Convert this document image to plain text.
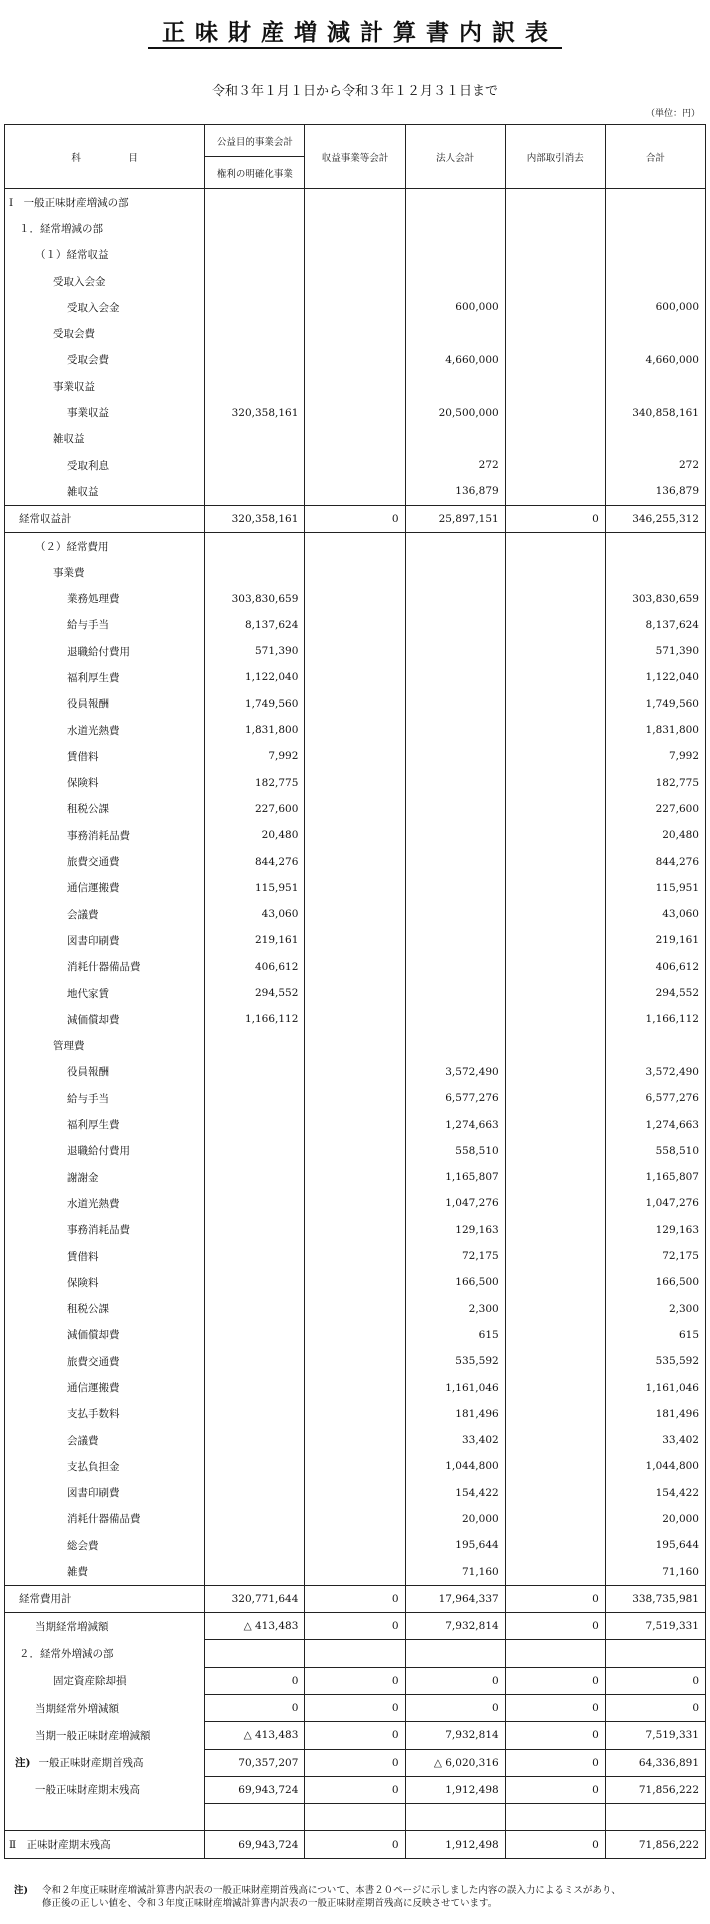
正味財産増減計算書内訳表
令和３年１月１日から令和３年１２月３１日まで
（単位：円）
科　　　　　目	公益目的事業会計	収益事業等会計	法人会計	内部取引消去	合計
	権利の明確化事業				
Ⅰ　一般正味財産増減の部					
１．経常増減の部					
（１）経常収益					
受取入会金					
受取入会金			600,000		600,000
受取会費					
受取会費			4,660,000		4,660,000
事業収益					
事業収益	320,358,161		20,500,000		340,858,161
雑収益					
受取利息			272		272
雑収益			136,879		136,879
経常収益計	320,358,161	0	25,897,151	0	346,255,312
（２）経常費用					
事業費					
業務処理費	303,830,659				303,830,659
給与手当	8,137,624				8,137,624
退職給付費用	571,390				571,390
福利厚生費	1,122,040				1,122,040
役員報酬	1,749,560				1,749,560
水道光熱費	1,831,800				1,831,800
賃借料	7,992				7,992
保険料	182,775				182,775
租税公課	227,600				227,600
事務消耗品費	20,480				20,480
旅費交通費	844,276				844,276
通信運搬費	115,951				115,951
会議費	43,060				43,060
図書印刷費	219,161				219,161
消耗什器備品費	406,612				406,612
地代家賃	294,552				294,552
減価償却費	1,166,112				1,166,112
管理費					
役員報酬			3,572,490		3,572,490
給与手当			6,577,276		6,577,276
福利厚生費			1,274,663		1,274,663
退職給付費用			558,510		558,510
謝謝金			1,165,807		1,165,807
水道光熱費			1,047,276		1,047,276
事務消耗品費			129,163		129,163
賃借料			72,175		72,175
保険料			166,500		166,500
租税公課			2,300		2,300
減価償却費			615		615
旅費交通費			535,592		535,592
通信運搬費			1,161,046		1,161,046
支払手数料			181,496		181,496
会議費			33,402		33,402
支払負担金			1,044,800		1,044,800
図書印刷費			154,422		154,422
消耗什器備品費			20,000		20,000
総会費			195,644		195,644
雑費			71,160		71,160
経常費用計	320,771,644	0	17,964,337	0	338,735,981
当期経常増減額	△ 413,483	0	7,932,814	0	7,519,331
２．経常外増減の部					
固定資産除却損	0	0	0	0	0
当期経常外増減額	0	0	0	0	0
当期一般正味財産増減額	△ 413,483	0	7,932,814	0	7,519,331
注) 一般正味財産期首残高	70,357,207	0	△ 6,020,316	0	64,336,891
一般正味財産期末残高	69,943,724	0	1,912,498	0	71,856,222

Ⅱ　正味財産期末残高	69,943,724	0	1,912,498	0	71,856,222
注) 令和２年度正味財産増減計算書内訳表の一般正味財産期首残高について、本書２０ページに示しました内容の誤入力によるミスがあり、
修正後の正しい値を、令和３年度正味財産増減計算書内訳表の一般正味財産期首残高に反映させています。
